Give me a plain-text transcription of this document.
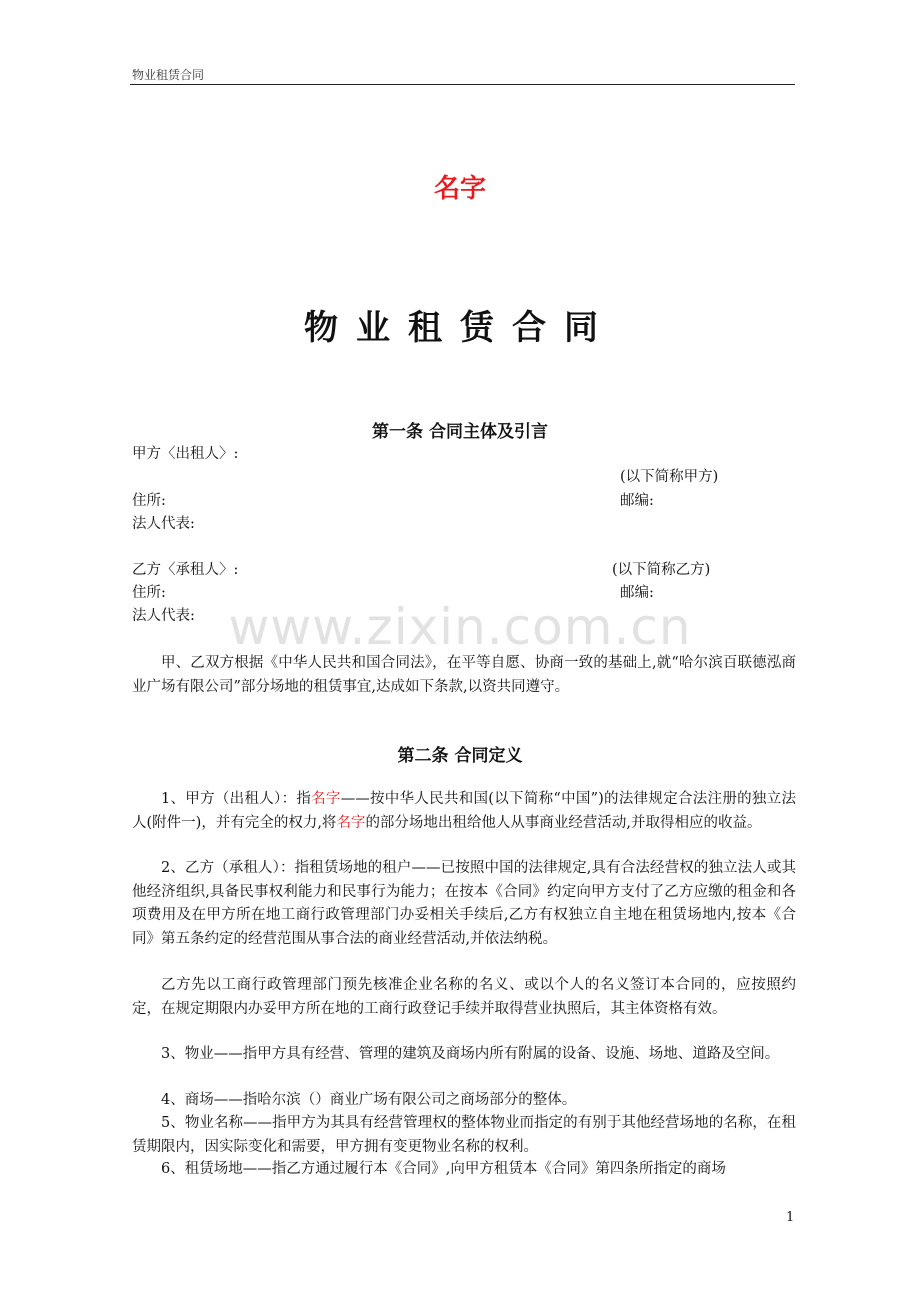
物业租赁合同
名字
物业租赁合同
www.zixin.com.cn
第一条 合同主体及引言
甲方〈出租人〉:
(以下简称甲方)
住所:	邮编:
法人代表:
乙方〈承租人〉:	(以下简称乙方)
住所:	邮编:
法人代表:

甲、乙双方根据《中华人民共和国合同法》，在平等自愿、协商一致的基础上,就“哈尔滨百联德泓商业广场有限公司”部分场地的租赁事宜,达成如下条款,以资共同遵守。

第二条 合同定义

1、甲方（出租人）：指名字——按中华人民共和国(以下简称“中国”)的法律规定合法注册的独立法人(附件一)，并有完全的权力,将名字的部分场地出租给他人从事商业经营活动,并取得相应的收益。

2、乙方（承租人）：指租赁场地的租户——已按照中国的法律规定,具有合法经营权的独立法人或其他经济组织,具备民事权利能力和民事行为能力；在按本《合同》约定向甲方支付了乙方应缴的租金和各项费用及在甲方所在地工商行政管理部门办妥相关手续后,乙方有权独立自主地在租赁场地内,按本《合同》第五条约定的经营范围从事合法的商业经营活动,并依法纳税。

乙方先以工商行政管理部门预先核准企业名称的名义、或以个人的名义签订本合同的，应按照约定，在规定期限内办妥甲方所在地的工商行政登记手续并取得营业执照后，其主体资格有效。

3、物业——指甲方具有经营、管理的建筑及商场内所有附属的设备、设施、场地、道路及空间。

4、商场——指哈尔滨（）商业广场有限公司之商场部分的整体。

5、物业名称——指甲方为其具有经营管理权的整体物业而指定的有别于其他经营场地的名称，在租赁期限内，因实际变化和需要，甲方拥有变更物业名称的权利。

6、租赁场地——指乙方通过履行本《合同》,向甲方租赁本《合同》第四条所指定的商场

1
